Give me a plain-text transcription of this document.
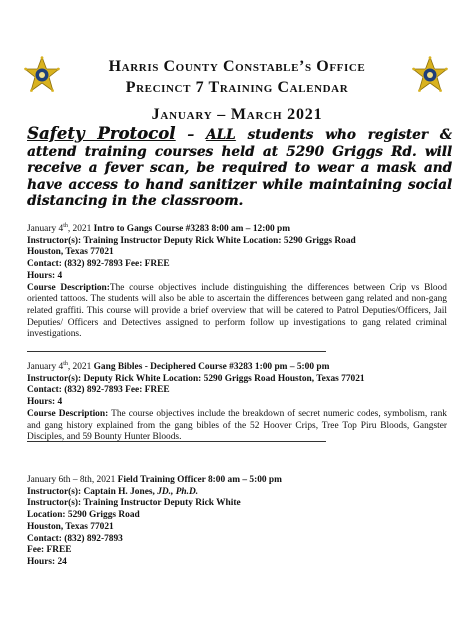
Harris County Constable’s Office
Precinct 7 Training Calendar
January – March 2021
Safety Protocol – ALL students who register & attend training courses held at 5290 Griggs Rd. will receive a fever scan, be required to wear a mask and have access to hand sanitizer while maintaining social distancing in the classroom.

January 4th, 2021 Intro to Gangs Course #3283 8:00 am – 12:00 pm

Instructor(s): Training Instructor Deputy Rick White Location: 5290 Griggs Road

Houston, Texas 77021

Contact: (832) 892-7893 Fee: FREE

Hours: 4

Course Description:The course objectives include distinguishing the differences between Crip vs Blood oriented tattoos. The students will also be able to ascertain the differences between gang related and non-gang related graffiti. This course will provide a brief overview that will be catered to Patrol Deputies/Officers, Jail Deputies/ Officers and Detectives assigned to perform follow up investigations to gang related criminal investigations.

January 4th, 2021 Gang Bibles - Deciphered Course #3283 1:00 pm – 5:00 pm

Instructor(s): Deputy Rick White Location: 5290 Griggs Road Houston, Texas 77021

Contact: (832) 892-7893 Fee: FREE

Hours: 4

Course Description: The course objectives include the breakdown of secret numeric codes, symbolism, rank and gang history explained from the gang bibles of the 52 Hoover Crips, Tree Top Piru Bloods, Gangster Disciples, and 59 Bounty Hunter Bloods.

January 6th – 8th, 2021 Field Training Officer 8:00 am – 5:00 pm

Instructor(s): Captain H. Jones, JD., Ph.D.

Instructor(s): Training Instructor Deputy Rick White

Location: 5290 Griggs Road

Houston, Texas 77021

Contact: (832) 892-7893

Fee: FREE

Hours: 24
